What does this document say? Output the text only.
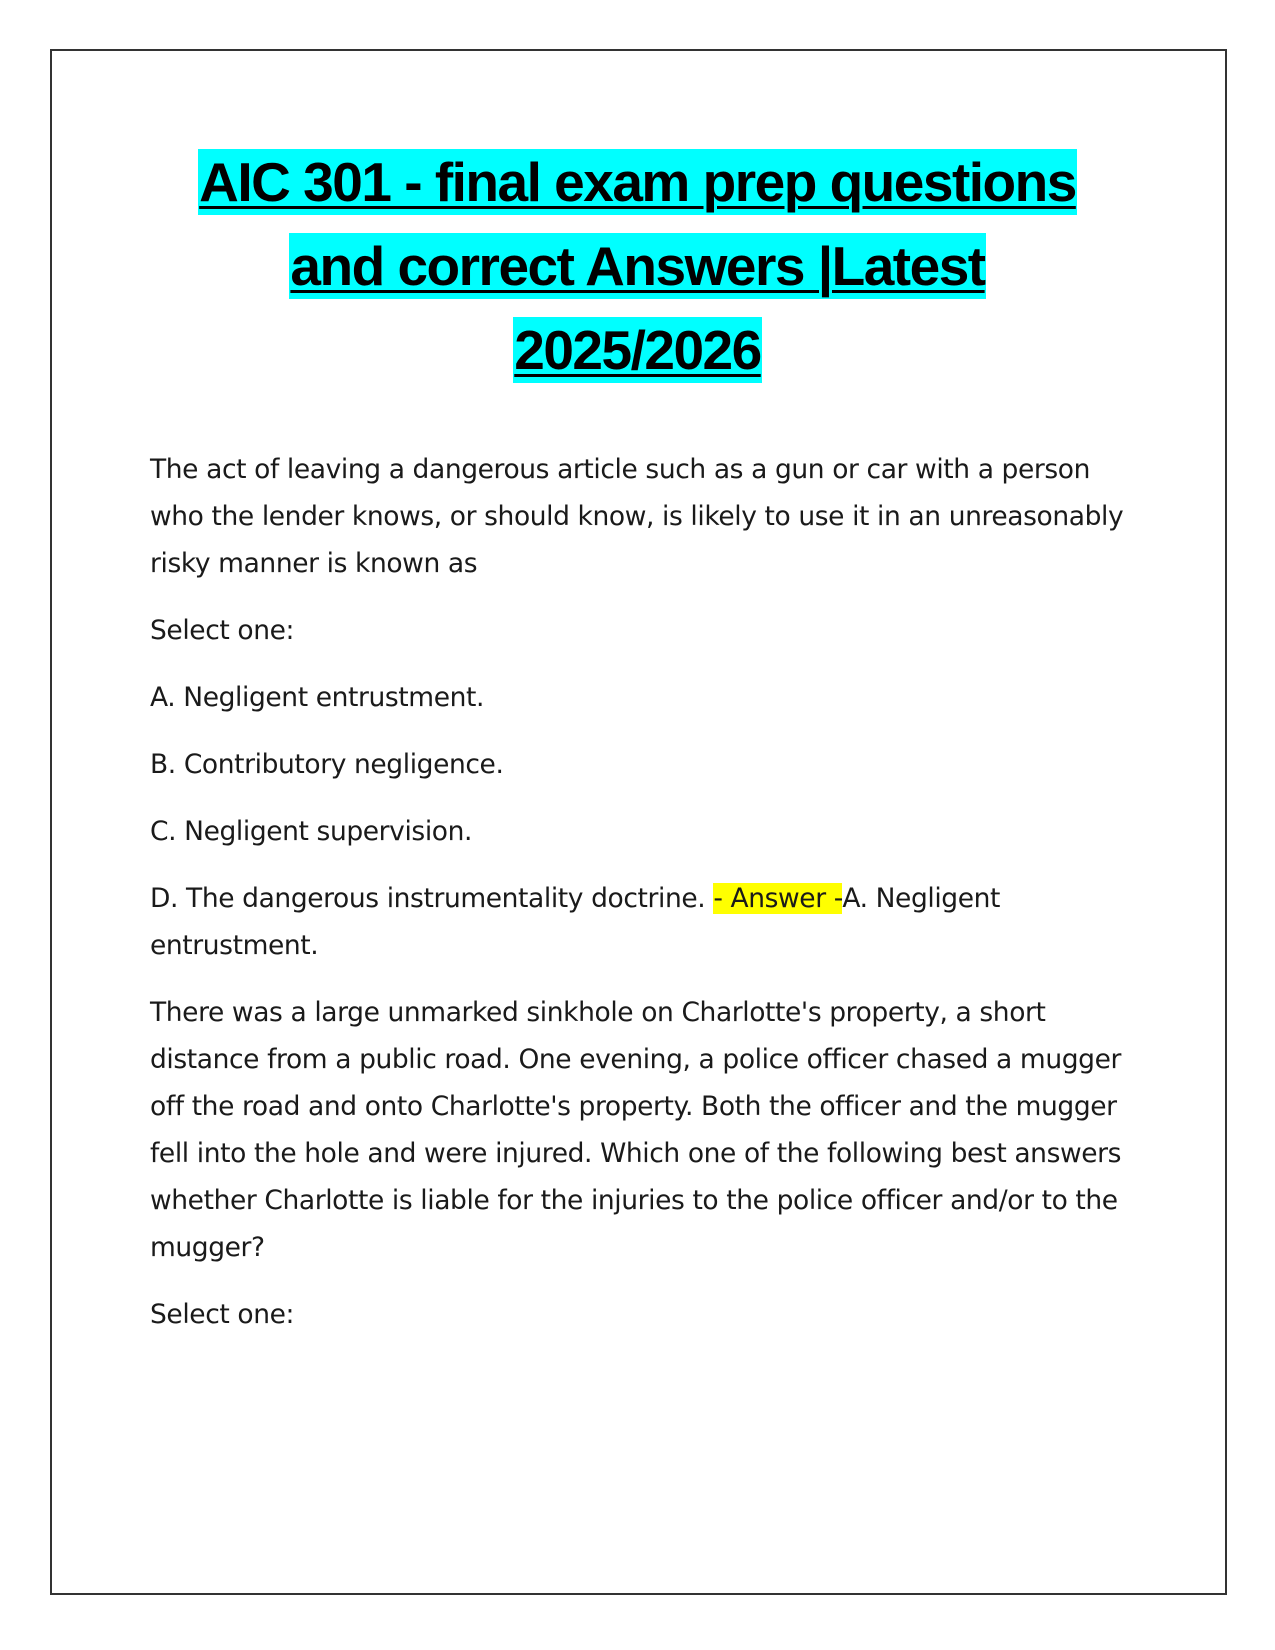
AIC 301 - final exam prep questions
and correct Answers |Latest
2025/2026

The act of leaving a dangerous article such as a gun or car with a person who the lender knows, or should know, is likely to use it in an unreasonably risky manner is known as

Select one:

A. Negligent entrustment.

B. Contributory negligence.

C. Negligent supervision.

D. The dangerous instrumentality doctrine. - Answer -A. Negligent entrustment.

There was a large unmarked sinkhole on Charlotte's property, a short distance from a public road. One evening, a police officer chased a mugger off the road and onto Charlotte's property. Both the officer and the mugger fell into the hole and were injured. Which one of the following best answers whether Charlotte is liable for the injuries to the police officer and/or to the mugger?

Select one:
